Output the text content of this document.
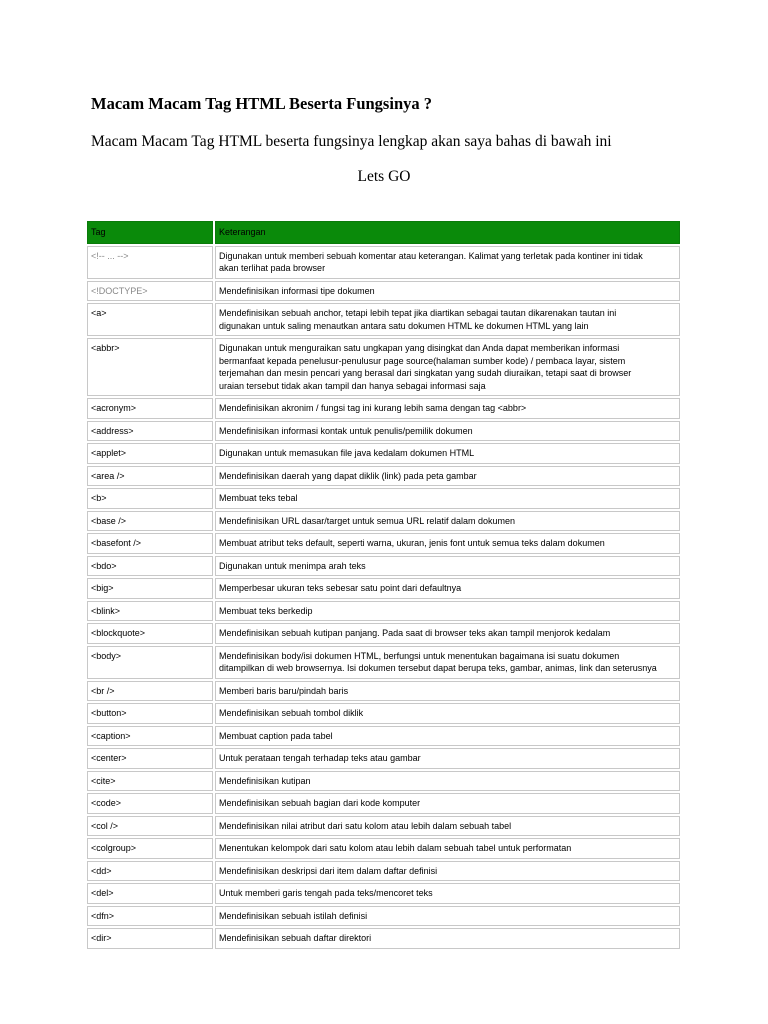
Macam Macam Tag HTML Beserta Fungsinya ?

Macam Macam Tag HTML beserta fungsinya lengkap akan saya bahas di bawah ini

Lets GO

Tag	Keterangan
<!-- ... -->	Digunakan untuk memberi sebuah komentar atau keterangan. Kalimat yang terletak pada kontiner ini tidak
akan terlihat pada browser

<!DOCTYPE>	Mendefinisikan informasi tipe dokumen

<a>	Mendefinisikan sebuah anchor, tetapi lebih tepat jika diartikan sebagai tautan dikarenakan tautan ini
digunakan untuk saling menautkan antara satu dokumen HTML ke dokumen HTML yang lain

<abbr>	Digunakan untuk menguraikan satu ungkapan yang disingkat dan Anda dapat memberikan informasi
bermanfaat kepada penelusur-penulusur page source(halaman sumber kode) / pembaca layar, sistem
terjemahan dan mesin pencari yang berasal dari singkatan yang sudah diuraikan, tetapi saat di browser
uraian tersebut tidak akan tampil dan hanya sebagai informasi saja

<acronym>	Mendefinisikan akronim / fungsi tag ini kurang lebih sama dengan tag <abbr>

<address>	Mendefinisikan informasi kontak untuk penulis/pemilik dokumen

<applet>	Digunakan untuk memasukan file java kedalam dokumen HTML

<area />	Mendefinisikan daerah yang dapat diklik (link) pada peta gambar

<b>	Membuat teks tebal

<base />	Mendefinisikan URL dasar/target untuk semua URL relatif dalam dokumen

<basefont />	Membuat atribut teks default, seperti warna, ukuran, jenis font untuk semua teks dalam dokumen

<bdo>	Digunakan untuk menimpa arah teks

<big>	Memperbesar ukuran teks sebesar satu point dari defaultnya

<blink>	Membuat teks berkedip

<blockquote>	Mendefinisikan sebuah kutipan panjang. Pada saat di browser teks akan tampil menjorok kedalam

<body>	Mendefinisikan body/isi dokumen HTML, berfungsi untuk menentukan bagaimana isi suatu dokumen
ditampilkan di web browsernya. Isi dokumen tersebut dapat berupa teks, gambar, animas, link dan seterusnya

<br />	Memberi baris baru/pindah baris

<button>	Mendefinisikan sebuah tombol diklik

<caption>	Membuat caption pada tabel

<center>	Untuk perataan tengah terhadap teks atau gambar

<cite>	Mendefinisikan kutipan

<code>	Mendefinisikan sebuah bagian dari kode komputer

<col />	Mendefinisikan nilai atribut dari satu kolom atau lebih dalam sebuah tabel

<colgroup>	Menentukan kelompok dari satu kolom atau lebih dalam sebuah tabel untuk performatan

<dd>	Mendefinisikan deskripsi dari item dalam daftar definisi

<del>	Untuk memberi garis tengah pada teks/mencoret teks

<dfn>	Mendefinisikan sebuah istilah definisi

<dir>	Mendefinisikan sebuah daftar direktori
